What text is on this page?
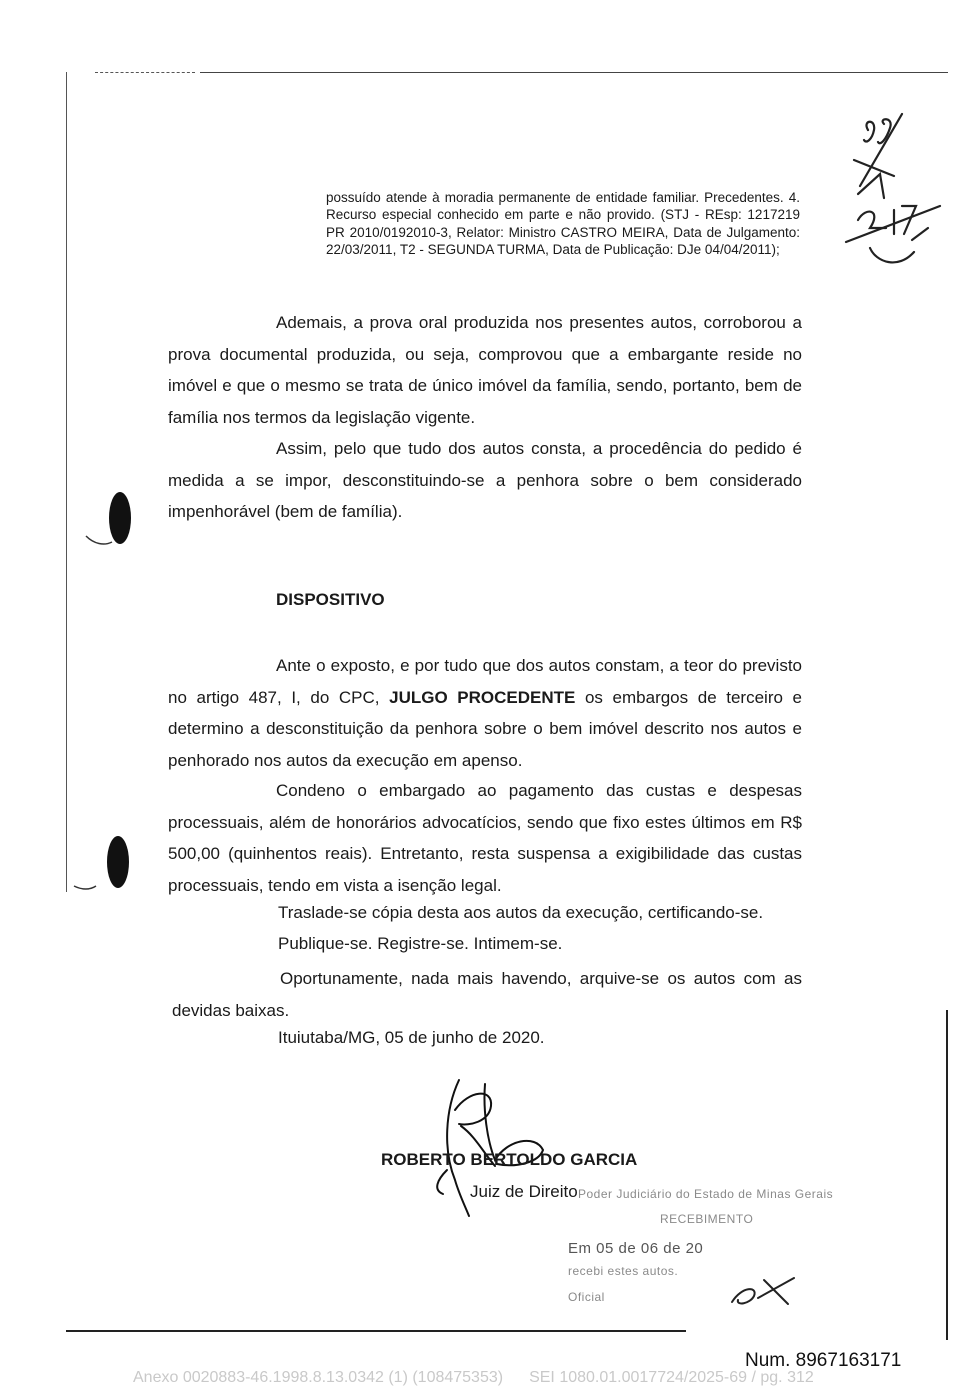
possuído atende à moradia permanente de entidade familiar. Precedentes. 4. Recurso especial conhecido em parte e não provido. (STJ - REsp: 1217219 PR 2010/0192010-3, Relator: Ministro CASTRO MEIRA, Data de Julgamento: 22/03/2011, T2 - SEGUNDA TURMA, Data de Publicação: DJe 04/04/2011);
Ademais, a prova oral produzida nos presentes autos, corroborou a prova documental produzida, ou seja, comprovou que a embargante reside no imóvel e que o mesmo se trata de único imóvel da família, sendo, portanto, bem de família nos termos da legislação vigente.
Assim, pelo que tudo dos autos consta, a procedência do pedido é medida a se impor, desconstituindo-se a penhora sobre o bem considerado impenhorável (bem de família).
DISPOSITIVO
Ante o exposto, e por tudo que dos autos constam, a teor do previsto no artigo 487, I, do CPC, JULGO PROCEDENTE os embargos de terceiro e determino a desconstituição da penhora sobre o bem imóvel descrito nos autos e penhorado nos autos da execução em apenso.
Condeno o embargado ao pagamento das custas e despesas processuais, além de honorários advocatícios, sendo que fixo estes últimos em R$ 500,00 (quinhentos reais). Entretanto, resta suspensa a exigibilidade das custas processuais, tendo em vista a isenção legal.
Traslade-se cópia desta aos autos da execução, certificando-se.
Publique-se. Registre-se. Intimem-se.
Oportunamente, nada mais havendo, arquive-se os autos com as devidas baixas.
Ituiutaba/MG, 05 de junho de 2020.
ROBERTO BERTOLDO GARCIA
Juiz de Direito Poder Judiciário do Estado de Minas Gerais
RECEBIMENTO
Em 05 de 06 de 20
recebi estes autos.
Oficial
Num. 8967163171
Anexo 0020883-46.1998.8.13.0342 (1) (108475353) SEI 1080.01.0017724/2025-69 / pg. 312
